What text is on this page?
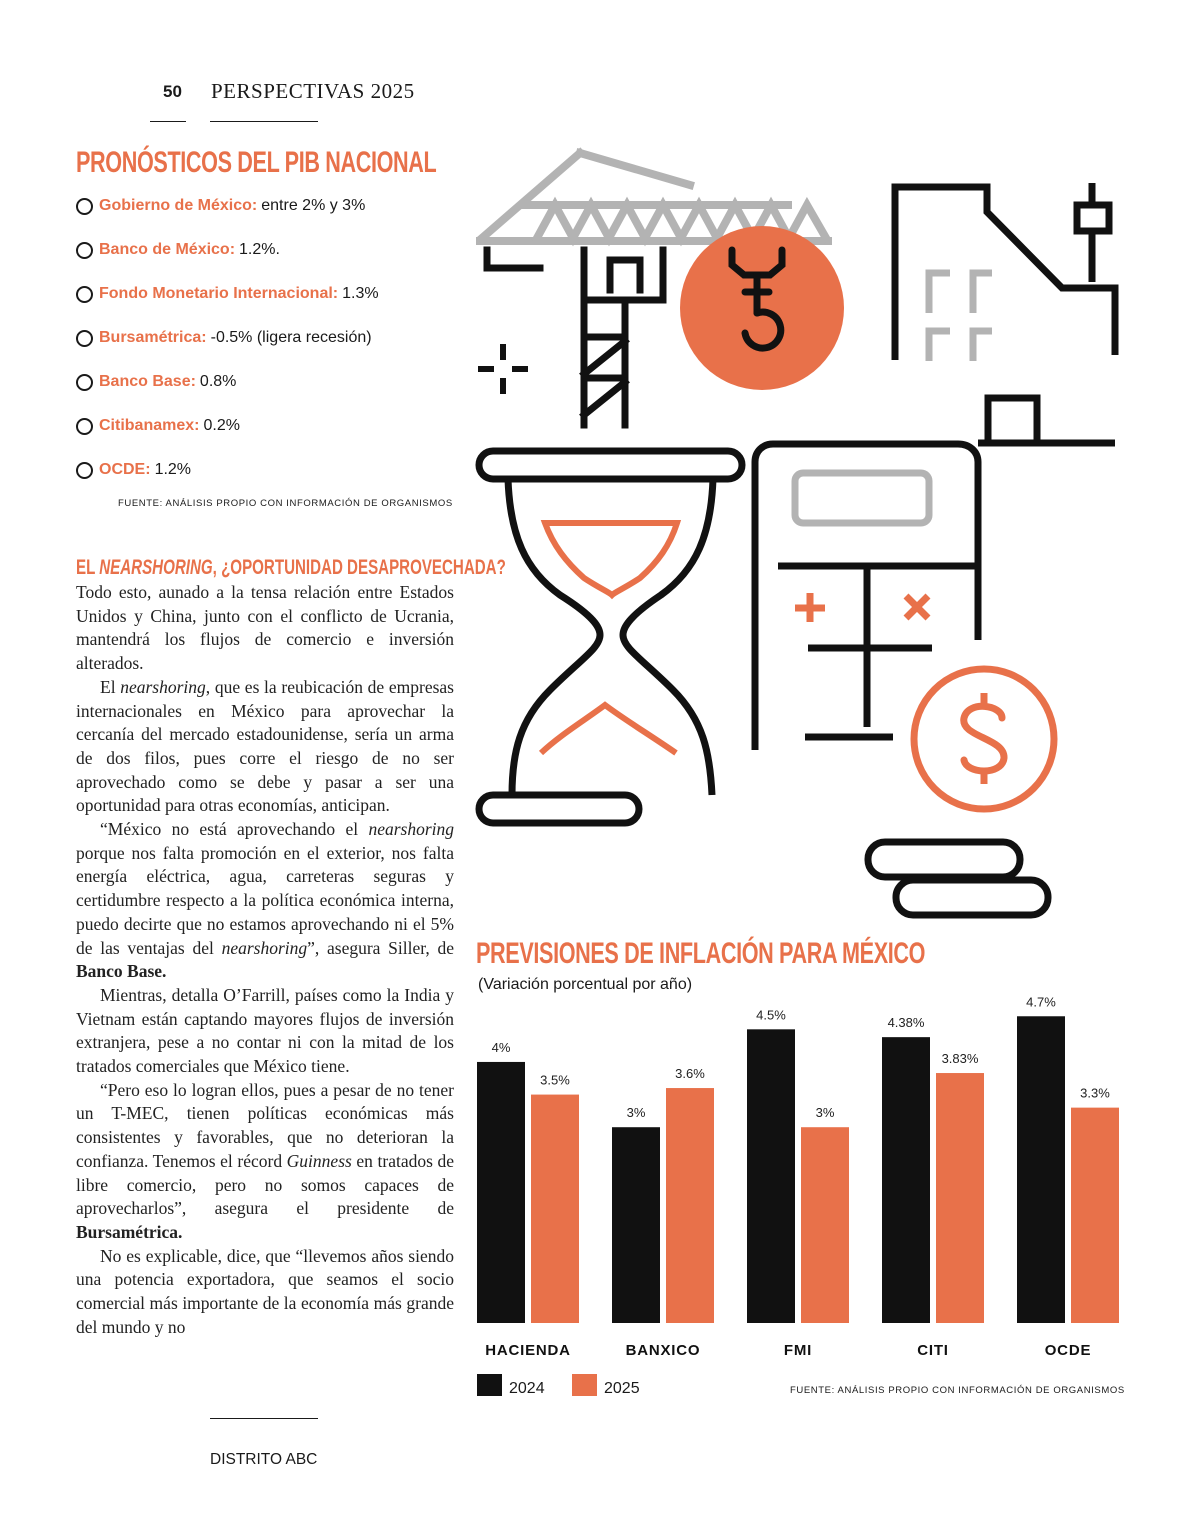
50 PERSPECTIVAS 2025
PRONÓSTICOS DEL PIB NACIONAL
Gobierno de México: entre 2% y 3%
Banco de México: 1.2%.
Fondo Monetario Internacional: 1.3%
Bursamétrica: -0.5% (ligera recesión)
Banco Base: 0.8%
Citibanamex: 0.2%
OCDE: 1.2%
FUENTE: ANÁLISIS PROPIO CON INFORMACIÓN DE ORGANISMOS
EL NEARSHORING, ¿OPORTUNIDAD DESAPROVECHADA?

Todo esto, aunado a la tensa relación entre Estados Unidos y China, junto con el conflicto de Ucrania, mantendrá los flujos de comercio e inversión alterados.

El nearshoring, que es la reubicación de empresas internacionales en México para aprovechar la cercanía del mercado estadounidense, sería un arma de dos filos, pues corre el riesgo de no ser aprovechado como se debe y pasar a ser una oportunidad para otras economías, anticipan.

“México no está aprovechando el nearshoring porque nos falta promoción en el exterior, nos falta energía eléctrica, agua, carreteras seguras y certidumbre respecto a la política económica interna, puedo decirte que no estamos aprovechando ni el 5% de las ventajas del nearshoring”, asegura Siller, de Banco Base.

Mientras, detalla O’Farrill, países como la India y Vietnam están captando mayores flujos de inversión extranjera, pese a no contar ni con la mitad de los tratados comerciales que México tiene.

“Pero eso lo logran ellos, pues a pesar de no tener un T-MEC, tienen políticas económicas más consistentes y favorables, que no deterioran la confianza. Tenemos el récord Guinness en tratados de libre comercio, pero no somos capaces de aprovecharlos”, asegura el presidente de Bursamétrica.

No es explicable, dice, que “llevemos años siendo una potencia exportadora, que seamos el socio comercial más importante de la economía más grande del mundo y no

PREVISIONES DE INFLACIÓN PARA MÉXICO
(Variación porcentual por año)
4%
3.5%
HACIENDA
3%
3.6%
BANXICO
4.5%
3%
FMI
4.38%
3.83%
CITI
4.7%
3.3%
OCDE
2024	2025	FUENTE: ANÁLISIS PROPIO CON INFORMACIÓN DE ORGANISMOS
DISTRITO ABC
